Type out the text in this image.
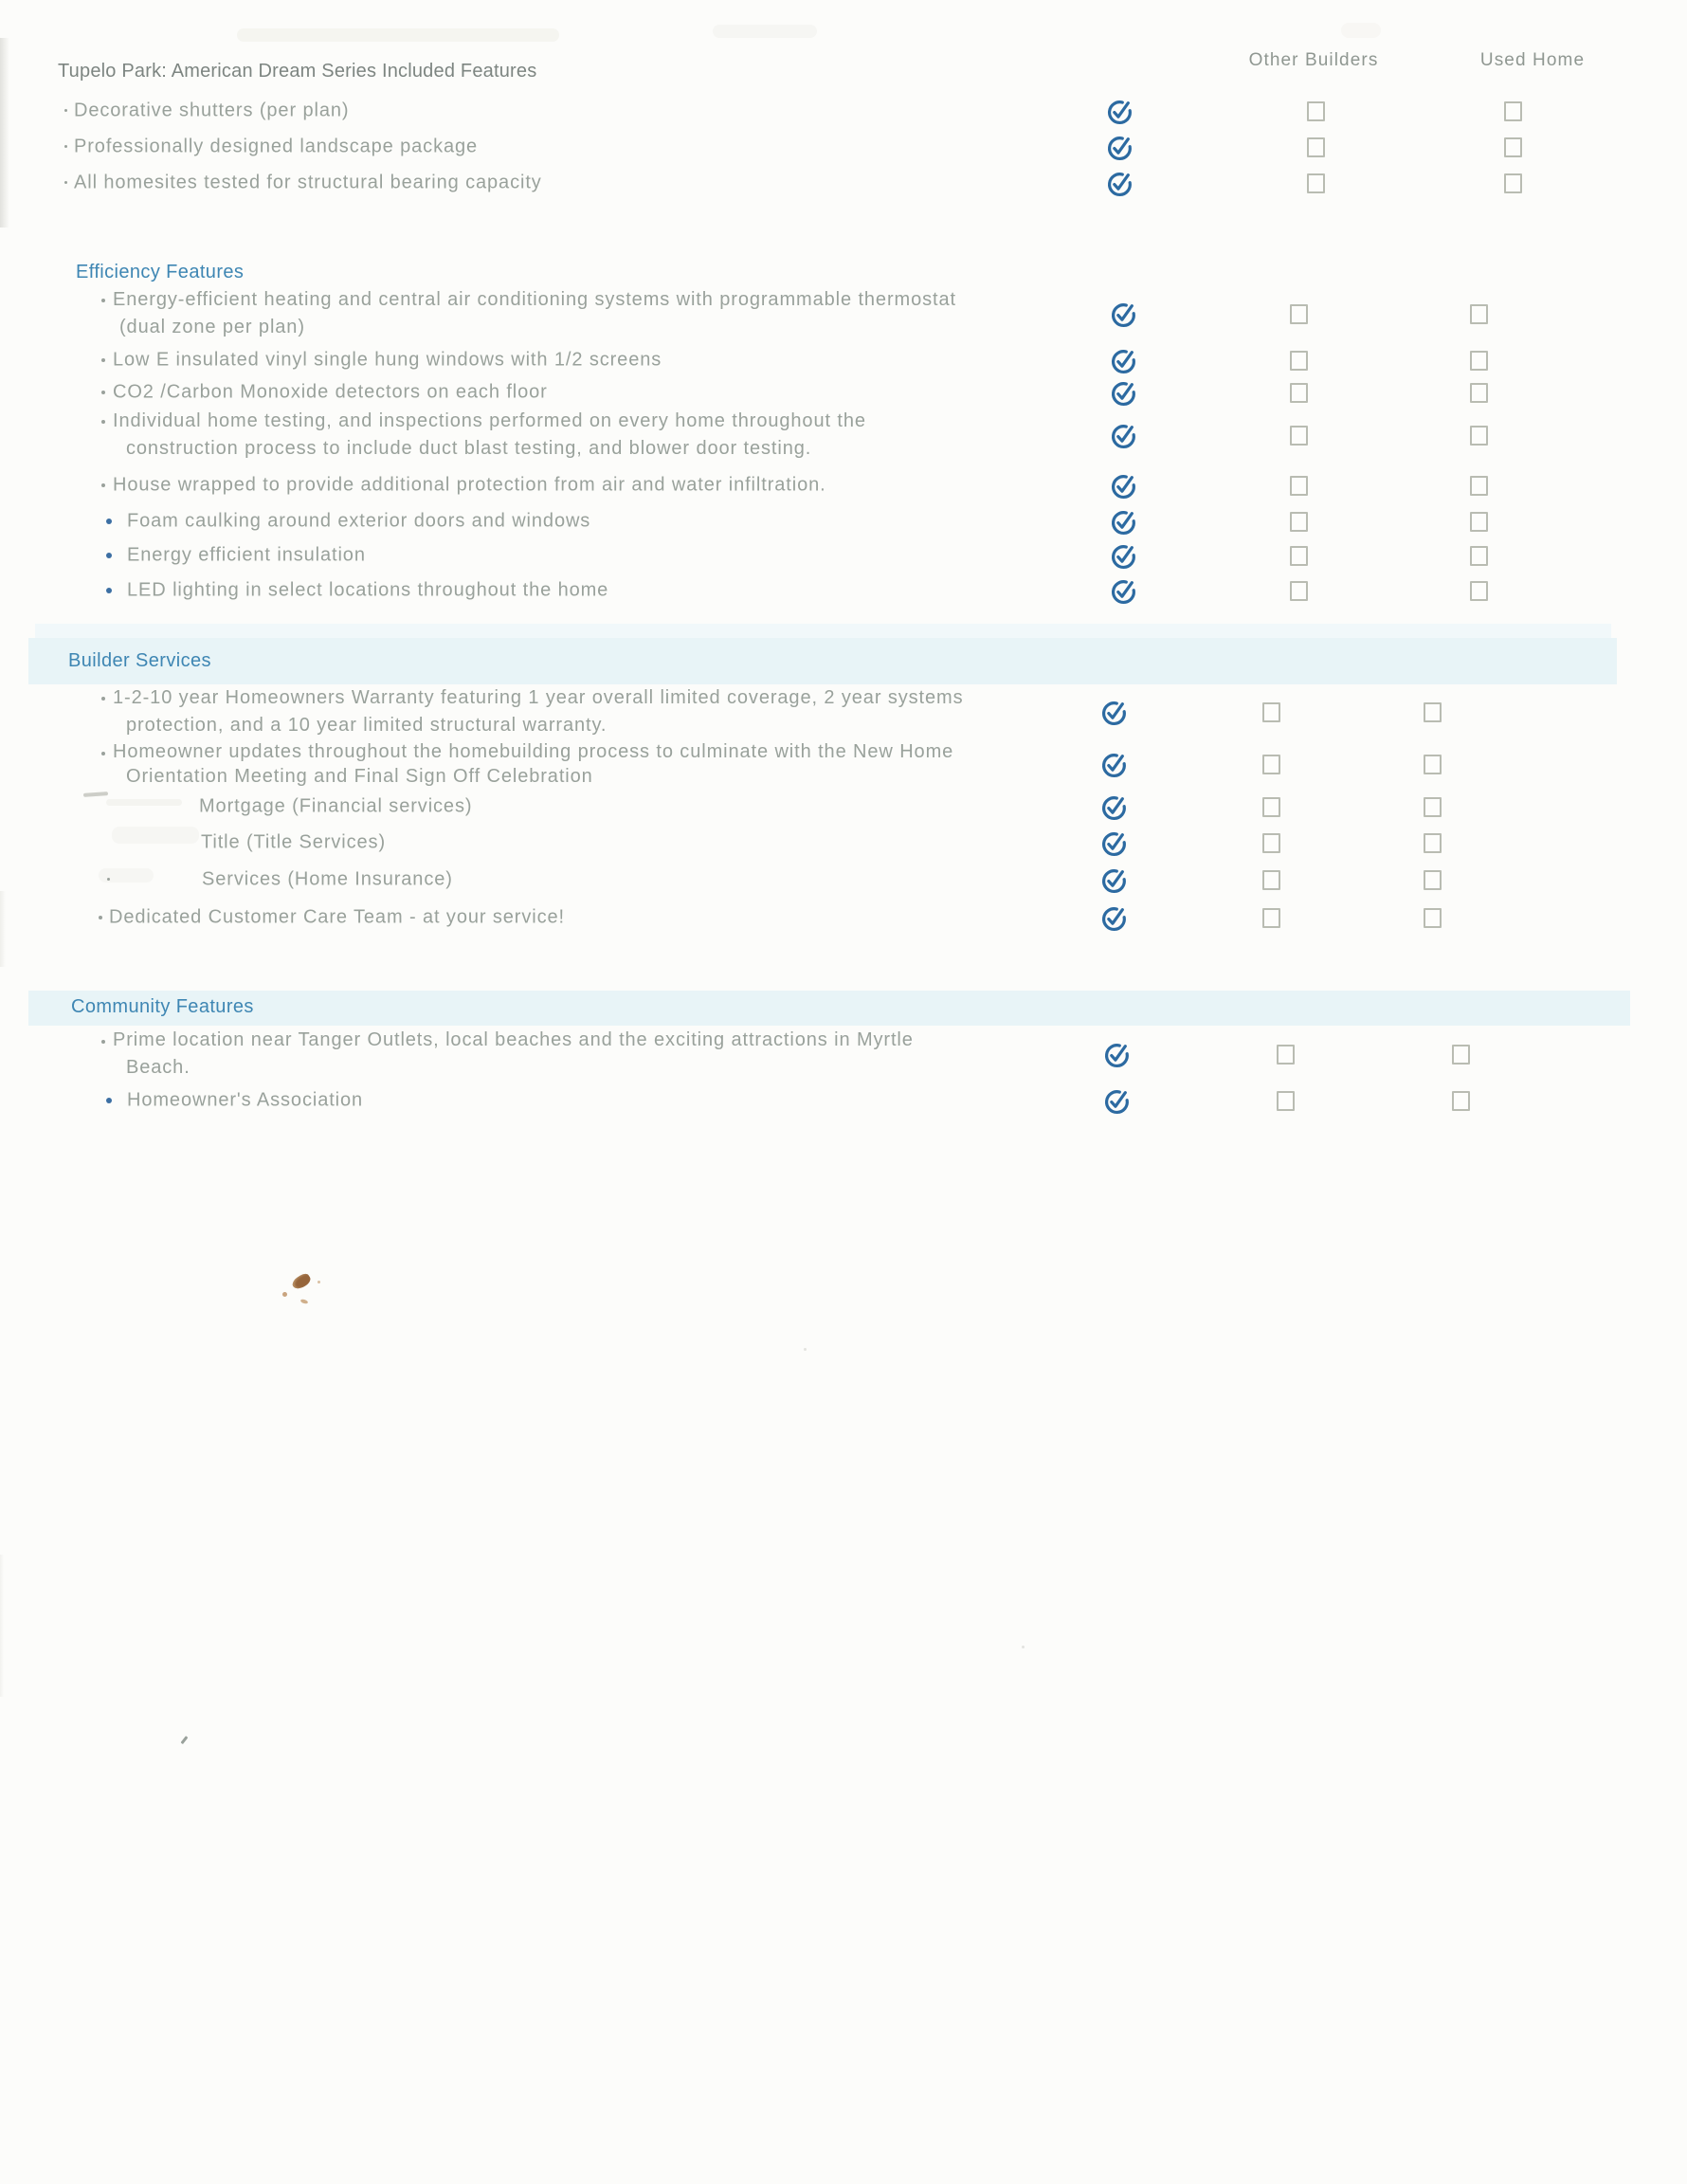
Tupelo Park: American Dream Series Included Features
Other Builders	Used Home
Decorative shutters (per plan)
Professionally designed landscape package
All homesites tested for structural bearing capacity
Efficiency Features
Energy-efficient heating and central air conditioning systems with programmable thermostat
(dual zone per plan)
Low E insulated vinyl single hung windows with 1/2 screens
CO2 /Carbon Monoxide detectors on each floor
Individual home testing, and inspections performed on every home throughout the
construction process to include duct blast testing, and blower door testing.
House wrapped to provide additional protection from air and water infiltration.
Foam caulking around exterior doors and windows
Energy efficient insulation
LED lighting in select locations throughout the home
Builder Services
1-2-10 year Homeowners Warranty featuring 1 year overall limited coverage, 2 year systems
protection, and a 10 year limited structural warranty.
Homeowner updates throughout the homebuilding process to culminate with the New Home
Orientation Meeting and Final Sign Off Celebration
Mortgage (Financial services)
Title (Title Services)
Services (Home Insurance)
Dedicated Customer Care Team - at your service!
Community Features
Prime location near Tanger Outlets, local beaches and the exciting attractions in Myrtle
Beach.
Homeowner's Association
